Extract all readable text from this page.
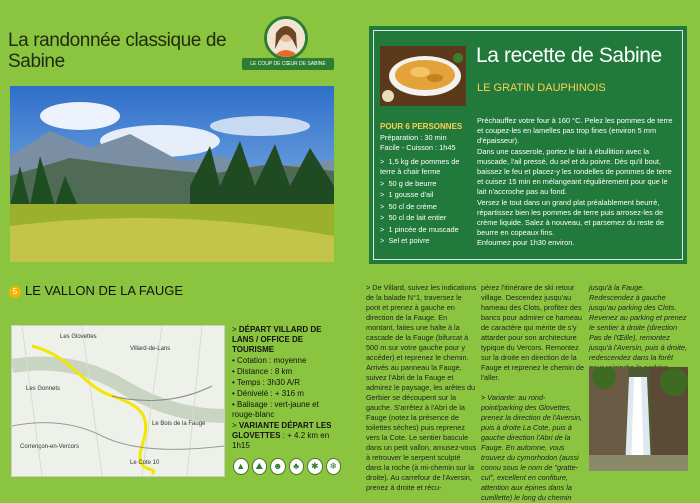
La randonnée classique de Sabine	LE COUP DE CŒUR DE SABINE
5 LE VALLON DE LA FAUGE
Les Glovettes
Villard-de-Lans
Le Bois de la Fauge
Les Gonnets
Corrençon-en-Vercors
Le Cote 10
> DÉPART VILLARD DE LANS / OFFICE DE TOURISME
• Cotation : moyenne
• Distance : 8 km
• Temps : 3h30 A/R
• Dénivelé : + 316 m
• Balisage : vert-jaune et rouge-blanc
> VARIANTE DÉPART LES GLOVETTES : + 4.2 km en 1h15
▲	⛰	☻	♣	✱	❄
La recette de Sabine
LE GRATIN DAUPHINOIS
POUR 6 PERSONNES
Préparation : 30 min
Facile - Cuisson : 1h45
>  1,5 kg de pommes de terre à chair ferme
>  50 g de beurre
>  1 gousse d'ail
>  50 cl de crème
>  50 cl de lait entier
>  1 pincée de muscade
>  Sel et poivre
Préchauffez votre four à 160 °C. Pelez les pommes de terre et coupez-les en lamelles pas trop fines (environ 5 mm d'épaisseur).
Dans une casserole, portez le lait à ébullition avec la muscade, l'ail pressé, du sel et du poivre. Dès qu'il bout, baissez le feu et placez-y les rondelles de pommes de terre et cuisez 15 min en mélangeant régulièrement pour que le lait n'accroche pas au fond.
Versez le tout dans un grand plat préalablement beurré, répartissez bien les pommes de terre puis arrosez-les de crème liquide. Salez à nouveau, et parsemez du reste de beurre en copeaux fins.
Enfournez pour 1h30 environ.
> De Villard, suivez les indications de la balade N°1, traversez le pont et prenez à gauche en direction de la Fauge. En montant, faites une halte à la cascade de la Fauge (bifurcat à 500 m sur votre gauche pour y accéder) et reprenez le chemin. Arrivés au panneau la Fauge, suivez l'Abri de la Fauge et admirez le paysage, les arêtes du Gerbier se découpent sur la gauche. S'arrêtez à l'Abri de la Fauge (notez la présence de toilettes sèches) puis reprenez vers la Cote. Le sentier bascule dans un petit vallon, amusez-vous à retrouver le serpent sculpté dans la roche (à mi-chemin sur la droite). Au carrefour de l'Aversin, prenez à droite et récu-
pérez l'itinéraire de ski retour village. Descendez jusqu'au hameau des Clots, profitez des bancs pour admirer ce hameau de caractère qui mérite de s'y attarder pour son architecture typique du Vercors. Remontez sur la droite en direction de la Fauge et reprenez le chemin de l'aller.

> Variante: au rond-point/parking des Glovettes, prenez la direction de l'Aversin, puis à droite La Cote, puis à gauche direction l'Abri de la Fauge. En automne, vous trouvez du cymorhodon (aussi connu sous le nom de "gratte-cul", excellent en confiture, attention aux épines dans la cueillette) le long du chemin
jusqu'à la Fauge. Redescendez à gauche jusqu'au parking des Clots. Revenez au parking et prenez le sentier à droite (direction Pas de l'Œille), remontez jusqu'à l'Aversin, puis à droite, redescendez dans la forêt
